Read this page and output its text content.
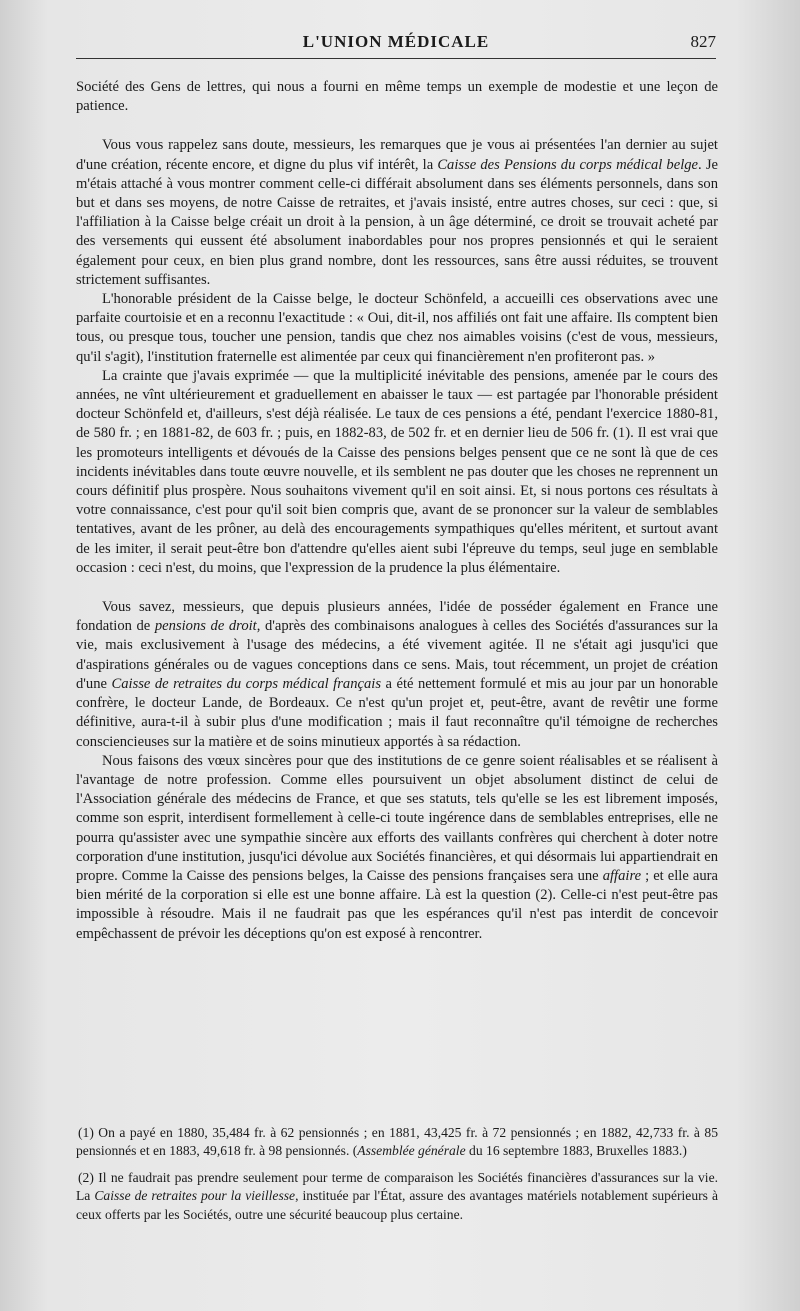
L'UNION MÉDICALE	827

Société des Gens de lettres, qui nous a fourni en même temps un exemple de modestie et une leçon de patience.

Vous vous rappelez sans doute, messieurs, les remarques que je vous ai présentées l'an dernier au sujet d'une création, récente encore, et digne du plus vif intérêt, la Caisse des Pensions du corps médical belge. Je m'étais attaché à vous montrer comment celle-ci différait absolument dans ses éléments personnels, dans son but et dans ses moyens, de notre Caisse de retraites, et j'avais insisté, entre autres choses, sur ceci : que, si l'affiliation à la Caisse belge créait un droit à la pension, à un âge déterminé, ce droit se trouvait acheté par des versements qui eussent été absolument inabordables pour nos propres pensionnés et qui le seraient également pour ceux, en bien plus grand nombre, dont les ressources, sans être aussi réduites, se trouvent strictement suffisantes.

L'honorable président de la Caisse belge, le docteur Schönfeld, a accueilli ces observations avec une parfaite courtoisie et en a reconnu l'exactitude : « Oui, dit-il, nos affiliés ont fait une affaire. Ils comptent bien tous, ou presque tous, toucher une pension, tandis que chez nos aimables voisins (c'est de vous, messieurs, qu'il s'agit), l'institution fraternelle est alimentée par ceux qui financièrement n'en profiteront pas. »

La crainte que j'avais exprimée — que la multiplicité inévitable des pensions, amenée par le cours des années, ne vînt ultérieurement et graduellement en abaisser le taux — est partagée par l'honorable président docteur Schönfeld et, d'ailleurs, s'est déjà réalisée. Le taux de ces pensions a été, pendant l'exercice 1880-81, de 580 fr. ; en 1881-82, de 603 fr. ; puis, en 1882-83, de 502 fr. et en dernier lieu de 506 fr. (1). Il est vrai que les promoteurs intelligents et dévoués de la Caisse des pensions belges pensent que ce ne sont là que de ces incidents inévitables dans toute œuvre nouvelle, et ils semblent ne pas douter que les choses ne reprennent un cours définitif plus prospère. Nous souhaitons vivement qu'il en soit ainsi. Et, si nous portons ces résultats à votre connaissance, c'est pour qu'il soit bien compris que, avant de se prononcer sur la valeur de semblables tentatives, avant de les prôner, au delà des encouragements sympathiques qu'elles méritent, et surtout avant de les imiter, il serait peut-être bon d'attendre qu'elles aient subi l'épreuve du temps, seul juge en semblable occasion : ceci n'est, du moins, que l'expression de la prudence la plus élémentaire.

Vous savez, messieurs, que depuis plusieurs années, l'idée de posséder également en France une fondation de pensions de droit, d'après des combinaisons analogues à celles des Sociétés d'assurances sur la vie, mais exclusivement à l'usage des médecins, a été vivement agitée. Il ne s'était agi jusqu'ici que d'aspirations générales ou de vagues conceptions dans ce sens. Mais, tout récemment, un projet de création d'une Caisse de retraites du corps médical français a été nettement formulé et mis au jour par un honorable confrère, le docteur Lande, de Bordeaux. Ce n'est qu'un projet et, peut-être, avant de revêtir une forme définitive, aura-t-il à subir plus d'une modification ; mais il faut reconnaître qu'il témoigne de recherches consciencieuses sur la matière et de soins minutieux apportés à sa rédaction.

Nous faisons des vœux sincères pour que des institutions de ce genre soient réalisables et se réalisent à l'avantage de notre profession. Comme elles poursuivent un objet absolument distinct de celui de l'Association générale des médecins de France, et que ses statuts, tels qu'elle se les est librement imposés, comme son esprit, interdisent formellement à celle-ci toute ingérence dans de semblables entreprises, elle ne pourra qu'assister avec une sympathie sincère aux efforts des vaillants confrères qui cherchent à doter notre corporation d'une institution, jusqu'ici dévolue aux Sociétés financières, et qui désormais lui appartiendrait en propre. Comme la Caisse des pensions belges, la Caisse des pensions françaises sera une affaire ; et elle aura bien mérité de la corporation si elle est une bonne affaire. Là est la question (2). Celle-ci n'est peut-être pas impossible à résoudre. Mais il ne faudrait pas que les espérances qu'il n'est pas interdit de concevoir empêchassent de prévoir les déceptions qu'on est exposé à rencontrer.

(1) On a payé en 1880, 35,484 fr. à 62 pensionnés ; en 1881, 43,425 fr. à 72 pensionnés ; en 1882, 42,733 fr. à 85 pensionnés et en 1883, 49,618 fr. à 98 pensionnés. (Assemblée générale du 16 septembre 1883, Bruxelles 1883.)

(2) Il ne faudrait pas prendre seulement pour terme de comparaison les Sociétés financières d'assurances sur la vie. La Caisse de retraites pour la vieillesse, instituée par l'État, assure des avantages matériels notablement supérieurs à ceux offerts par les Sociétés, outre une sécurité beaucoup plus certaine.
